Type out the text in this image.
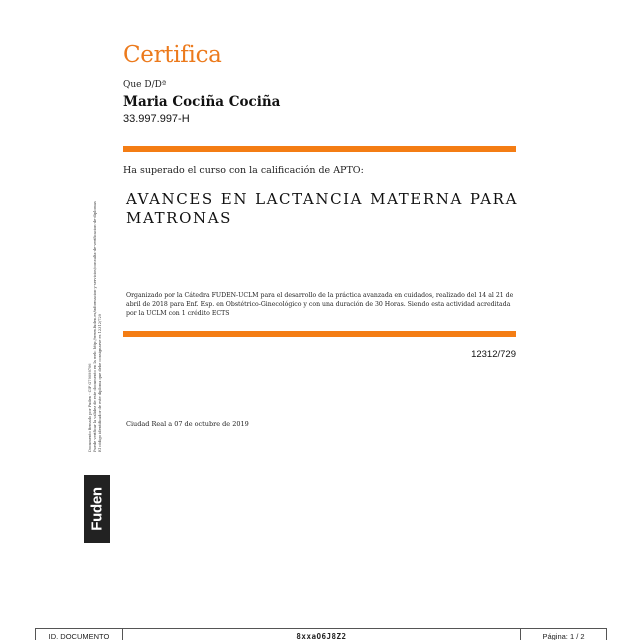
Certifica
Que D/Dª
Maria Cociña Cociña
33.997.997-H
Ha superado el curso con la calificación de APTO:
AVANCES EN LACTANCIA MATERNA PARA MATRONAS
Organizado por la Cátedra FUDEN-UCLM para el desarrollo de la práctica avanzada en cuidados, realizado del 14 al 21 de abril de 2018 para Enf. Esp. en Obstétrico-Ginecológico y con una duración de 30 Horas. Siendo esta actividad acreditada por la UCLM con 1 crédito ECTS
12312/729
Ciudad Real a 07 de octubre de 2019
Documento firmado por Fuden - CIF G79098706 Puede verificar la validez de este documento en la web: http://www.fuden.es/informacion-y-servicios/consulta-de-verificacion-de-diplomas El código identificador de este diploma que debe consignarse es 12312/729
Fuden
ID. DOCUMENTO	8xxaO6J8Z2	Página: 1 / 2
